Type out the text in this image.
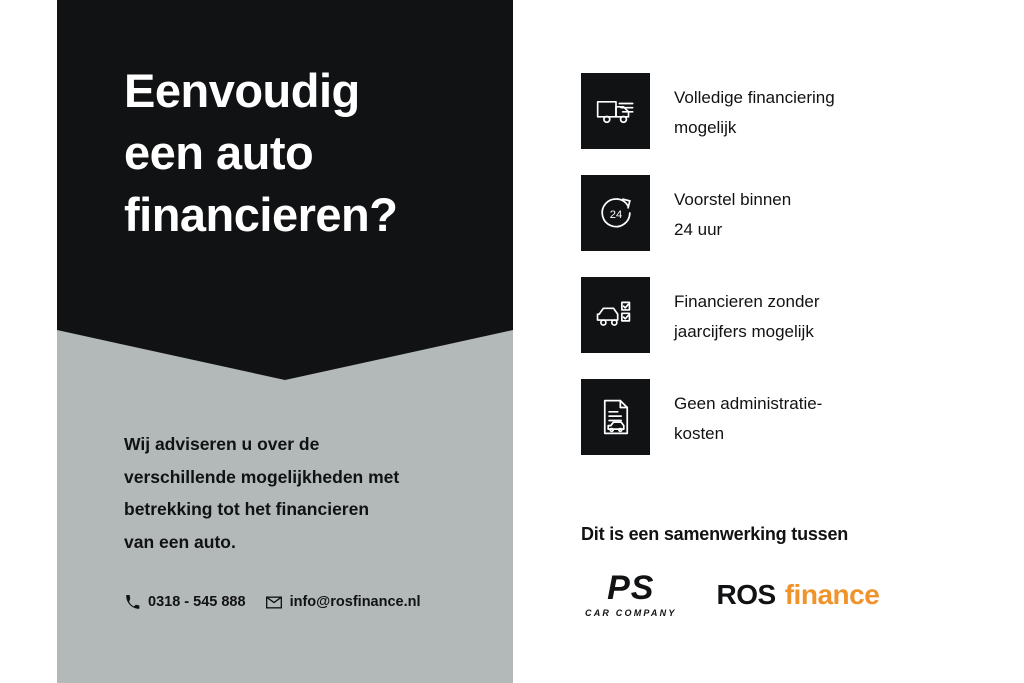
Eenvoudig
een auto
financieren?
Wij adviseren u over de
verschillende mogelijkheden met
betrekking tot het financieren
van een auto.
0318 - 545 888	info@rosfinance.nl
Volledige financiering
mogelijk
24
Voorstel binnen
24 uur
Financieren zonder
jaarcijfers mogelijk
Geen administratie-
kosten
Dit is een samenwerking tussen
PS
CAR COMPANY
ROS finance
